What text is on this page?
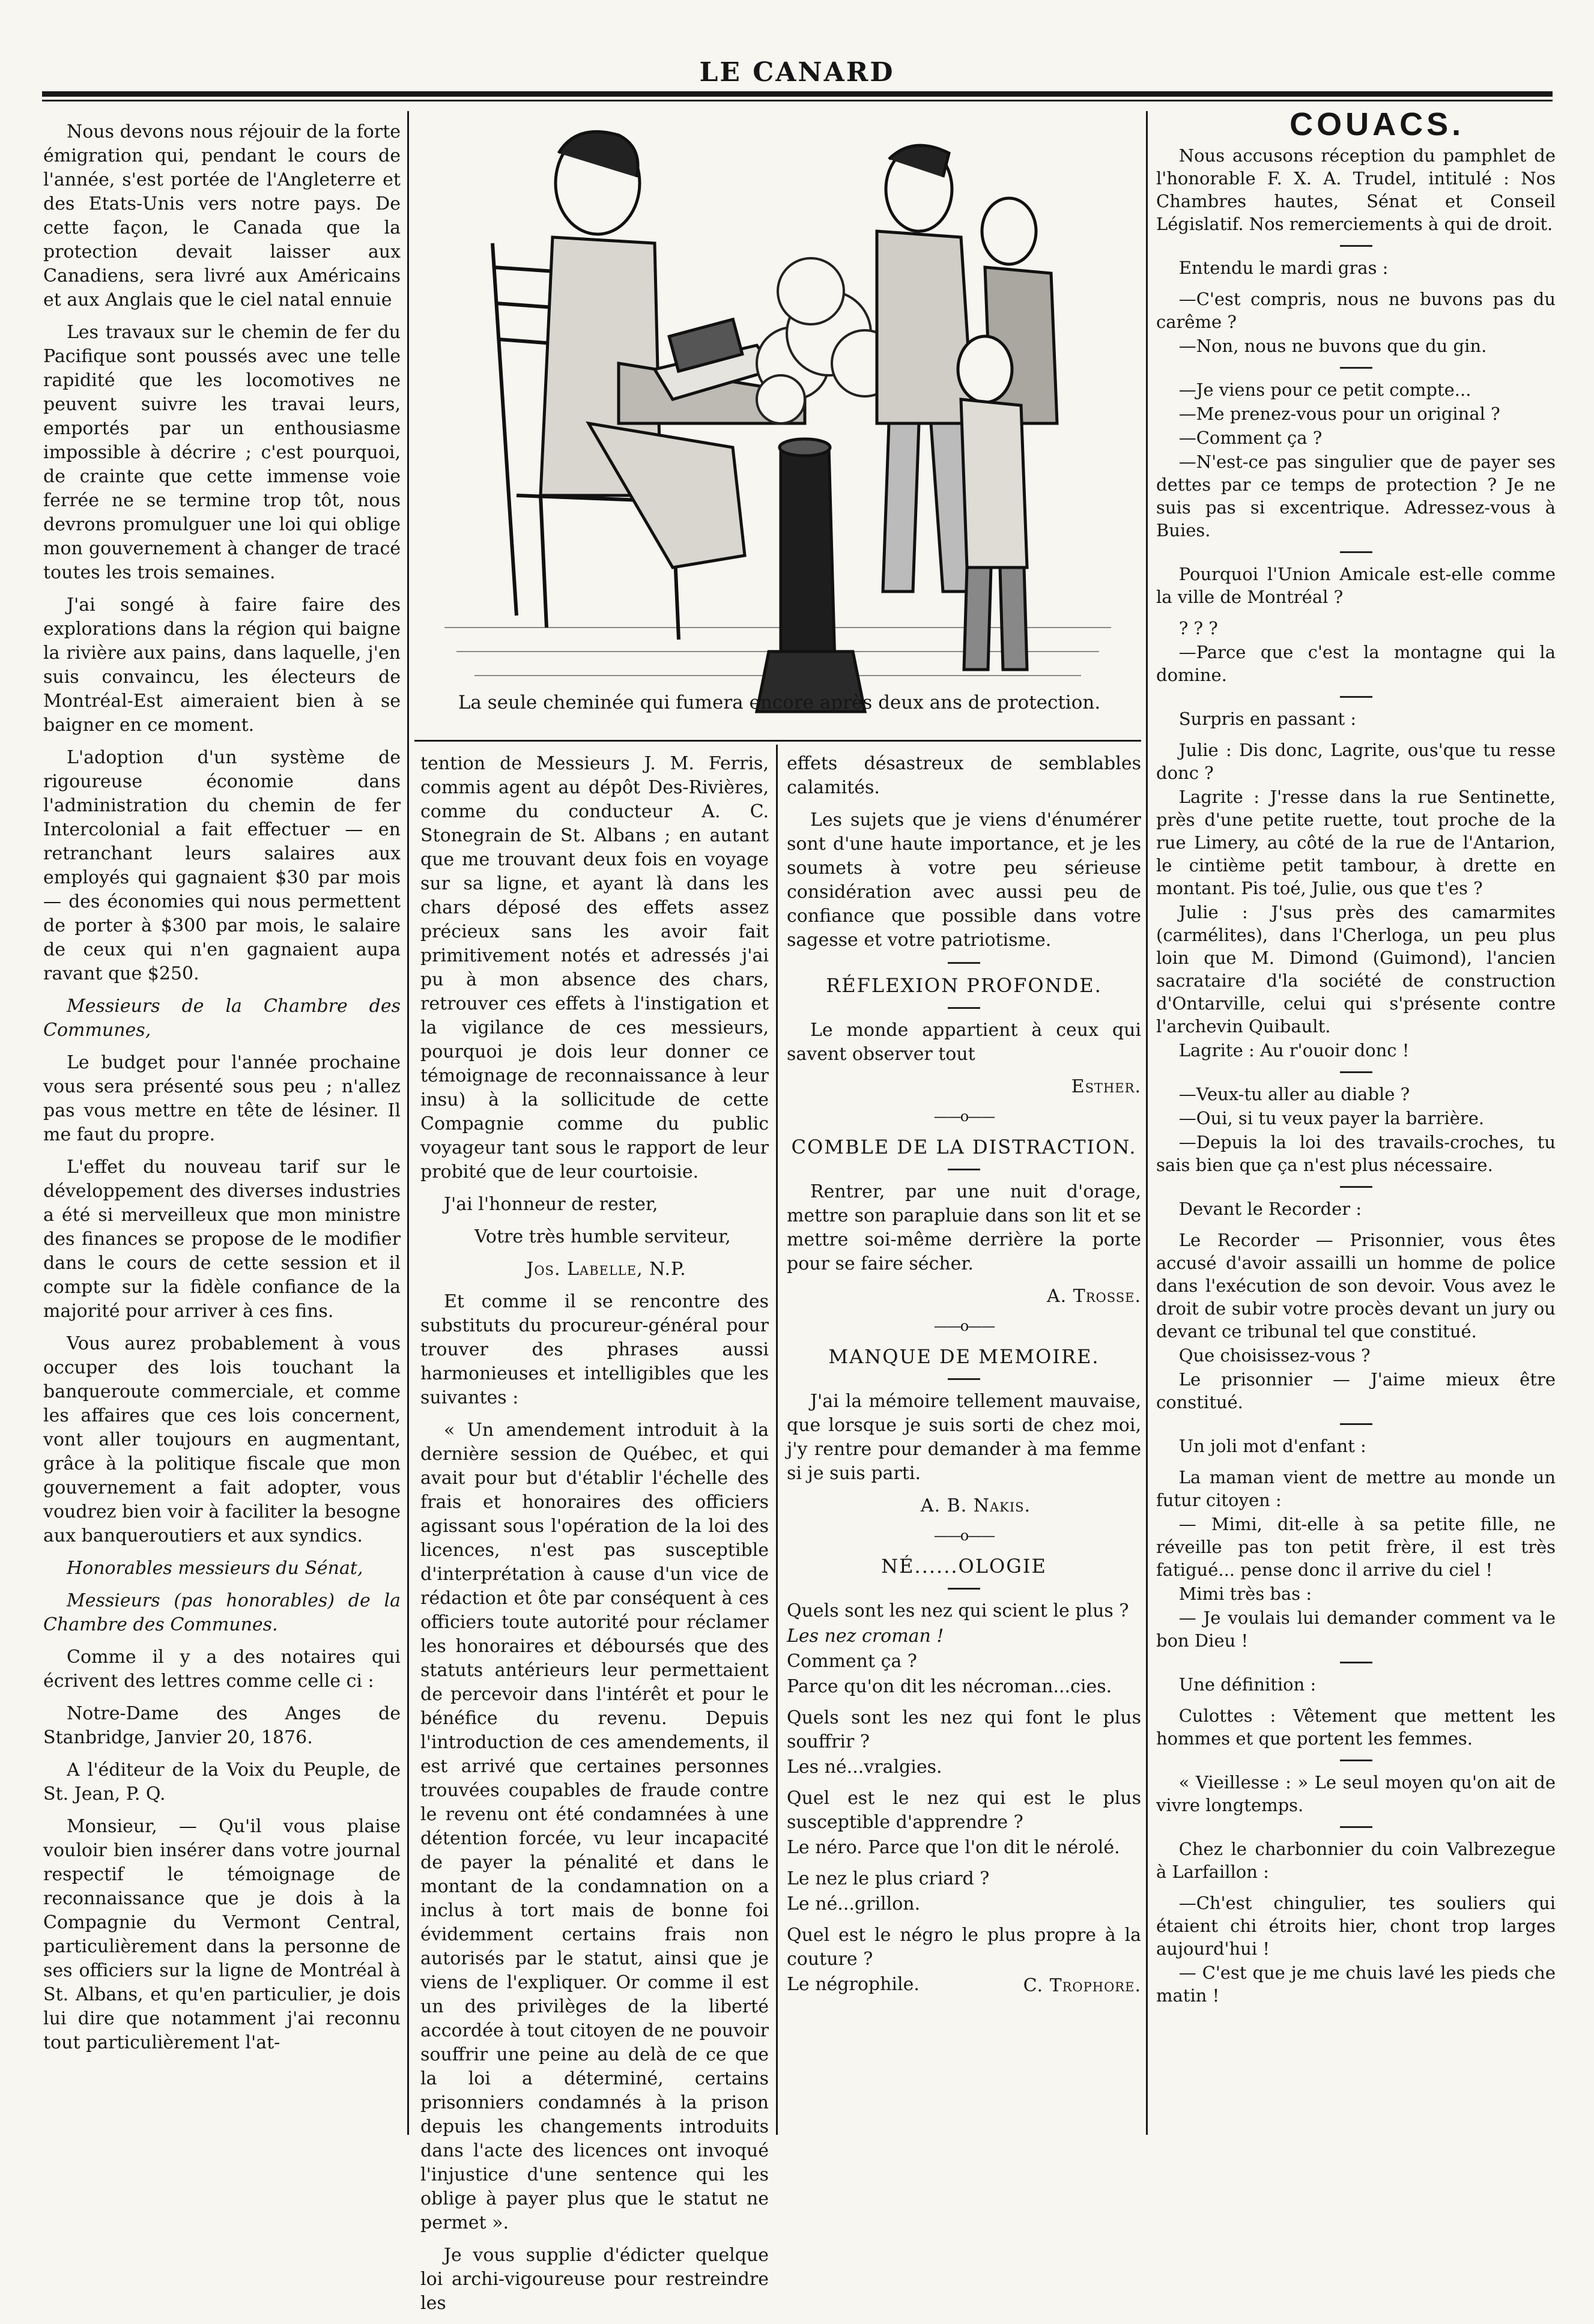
LE CANARD

Nous devons nous réjouir de la forte émigration qui, pendant le cours de l'année, s'est portée de l'Angleterre et des Etats-Unis vers notre pays. De cette façon, le Canada que la protection devait laisser aux Canadiens, sera livré aux Américains et aux Anglais que le ciel natal ennuie

Les travaux sur le chemin de fer du Pacifique sont poussés avec une telle rapidité que les locomotives ne peuvent suivre les travai leurs, emportés par un enthousiasme impossible à décrire ; c'est pourquoi, de crainte que cette immense voie ferrée ne se termine trop tôt, nous devrons promulguer une loi qui oblige mon gouvernement à changer de tracé toutes les trois semaines.

J'ai songé à faire faire des explorations dans la région qui baigne la rivière aux pains, dans laquelle, j'en suis convaincu, les électeurs de Montréal-Est aimeraient bien à se baigner en ce moment.

L'adoption d'un système de rigoureuse économie dans l'administration du chemin de fer Intercolonial a fait effectuer — en retranchant leurs salaires aux employés qui gagnaient $30 par mois — des économies qui nous permettent de porter à $300 par mois, le salaire de ceux qui n'en gagnaient aupa ravant que $250.

Messieurs de la Chambre des Communes,

Le budget pour l'année prochaine vous sera présenté sous peu ; n'allez pas vous mettre en tête de lésiner. Il me faut du propre.

L'effet du nouveau tarif sur le développement des diverses industries a été si merveilleux que mon ministre des finances se propose de le modifier dans le cours de cette session et il compte sur la fidèle confiance de la majorité pour arriver à ces fins.

Vous aurez probablement à vous occuper des lois touchant la banqueroute commerciale, et comme les affaires que ces lois concernent, vont aller toujours en augmentant, grâce à la politique fiscale que mon gouvernement a fait adopter, vous voudrez bien voir à faciliter la besogne aux banqueroutiers et aux syndics.

Honorables messieurs du Sénat,

Messieurs (pas honorables) de la Chambre des Communes.

Comme il y a des notaires qui écrivent des lettres comme celle ci :

Notre-Dame des Anges de Stanbridge, Janvier 20, 1876.

A l'éditeur de la Voix du Peuple, de St. Jean, P. Q.

Monsieur, — Qu'il vous plaise vouloir bien insérer dans votre journal respectif le témoignage de reconnaissance que je dois à la Compagnie du Vermont Central, particulièrement dans la personne de ses officiers sur la ligne de Montréal à St. Albans, et qu'en particulier, je dois lui dire que notamment j'ai reconnu tout particulièrement l'at-

La seule cheminée qui fumera encore après deux ans de protection.

tention de Messieurs J. M. Ferris, commis agent au dépôt Des-Rivières, comme du conducteur A. C. Stonegrain de St. Albans ; en autant que me trouvant deux fois en voyage sur sa ligne, et ayant là dans les chars déposé des effets assez précieux sans les avoir fait primitivement notés et adressés j'ai pu à mon absence des chars, retrouver ces effets à l'instigation et la vigilance de ces messieurs, pourquoi je dois leur donner ce témoignage de reconnaissance à leur insu) à la sollicitude de cette Compagnie comme du public voyageur tant sous le rapport de leur probité que de leur courtoisie.

J'ai l'honneur de rester,

Votre très humble serviteur,

Jos. Labelle, N.P.

Et comme il se rencontre des substituts du procureur-général pour trouver des phrases aussi harmonieuses et intelligibles que les suivantes :

« Un amendement introduit à la dernière session de Québec, et qui avait pour but d'établir l'échelle des frais et honoraires des officiers agissant sous l'opération de la loi des licences, n'est pas susceptible d'interprétation à cause d'un vice de rédaction et ôte par conséquent à ces officiers toute autorité pour réclamer les honoraires et déboursés que des statuts antérieurs leur permettaient de percevoir dans l'intérêt et pour le bénéfice du revenu. Depuis l'introduction de ces amendements, il est arrivé que certaines personnes trouvées coupables de fraude contre le revenu ont été condamnées à une détention forcée, vu leur incapacité de payer la pénalité et dans le montant de la condamnation on a inclus à tort mais de bonne foi évidemment certains frais non autorisés par le statut, ainsi que je viens de l'expliquer. Or comme il est un des privilèges de la liberté accordée à tout citoyen de ne pouvoir souffrir une peine au delà de ce que la loi a déterminé, certains prisonniers condamnés à la prison depuis les changements introduits dans l'acte des licences ont invoqué l'injustice d'une sentence qui les oblige à payer plus que le statut ne permet ».

Je vous supplie d'édicter quelque loi archi-vigoureuse pour restreindre les

effets désastreux de semblables calamités.

Les sujets que je viens d'énumérer sont d'une haute importance, et je les soumets à votre peu sérieuse considération avec aussi peu de confiance que possible dans votre sagesse et votre patriotisme.

RÉFLEXION PROFONDE.

Le monde appartient à ceux qui savent observer tout

Esther.

——o——

COMBLE DE LA DISTRACTION.

Rentrer, par une nuit d'orage, mettre son parapluie dans son lit et se mettre soi-même derrière la porte pour se faire sécher.

A. Trosse.

——o——

MANQUE DE MEMOIRE.

J'ai la mémoire tellement mauvaise, que lorsque je suis sorti de chez moi, j'y rentre pour demander à ma femme si je suis parti.

A. B. Nakis.

——o——

NÉ......OLOGIE

Quels sont les nez qui scient le plus ?

Les nez croman !

Comment ça ?

Parce qu'on dit les nécroman...cies.

Quels sont les nez qui font le plus souffrir ?

Les né...vralgies.

Quel est le nez qui est le plus susceptible d'apprendre ?

Le néro. Parce que l'on dit le nérolé.

Le nez le plus criard ?

Le né...grillon.

Quel est le négro le plus propre à la couture ?

Le négrophile.	C. Trophore.

COUACS.

Nous accusons réception du pamphlet de l'honorable F. X. A. Trudel, intitulé : Nos Chambres hautes, Sénat et Conseil Législatif. Nos remerciements à qui de droit.

Entendu le mardi gras :

—C'est compris, nous ne buvons pas du carême ?

—Non, nous ne buvons que du gin.

—Je viens pour ce petit compte...

—Me prenez-vous pour un original ?

—Comment ça ?

—N'est-ce pas singulier que de payer ses dettes par ce temps de protection ? Je ne suis pas si excentrique. Adressez-vous à Buies.

Pourquoi l'Union Amicale est-elle comme la ville de Montréal ?

? ? ?

—Parce que c'est la montagne qui la domine.

Surpris en passant :

Julie : Dis donc, Lagrite, ous'que tu resse donc ?

Lagrite : J'resse dans la rue Sentinette, près d'une petite ruette, tout proche de la rue Limery, au côté de la rue de l'Antarion, le cintième petit tambour, à drette en montant. Pis toé, Julie, ous que t'es ?

Julie : J'sus près des camarmites (carmélites), dans l'Cherloga, un peu plus loin que M. Dimond (Guimond), l'ancien sacrataire d'la société de construction d'Ontarville, celui qui s'présente contre l'archevin Quibault.

Lagrite : Au r'ouoir donc !

—Veux-tu aller au diable ?

—Oui, si tu veux payer la barrière.

—Depuis la loi des travails-croches, tu sais bien que ça n'est plus nécessaire.

Devant le Recorder :

Le Recorder — Prisonnier, vous êtes accusé d'avoir assailli un homme de police dans l'exécution de son devoir. Vous avez le droit de subir votre procès devant un jury ou devant ce tribunal tel que constitué.

Que choisissez-vous ?

Le prisonnier — J'aime mieux être constitué.

Un joli mot d'enfant :

La maman vient de mettre au monde un futur citoyen :

— Mimi, dit-elle à sa petite fille, ne réveille pas ton petit frère, il est très fatigué... pense donc il arrive du ciel !

Mimi très bas :

— Je voulais lui demander comment va le bon Dieu !

Une définition :

Culottes : Vêtement que mettent les hommes et que portent les femmes.

« Vieillesse : » Le seul moyen qu'on ait de vivre longtemps.

Chez le charbonnier du coin Valbrezegue à Larfaillon :

—Ch'est chingulier, tes souliers qui étaient chi étroits hier, chont trop larges aujourd'hui !

— C'est que je me chuis lavé les pieds che matin !
